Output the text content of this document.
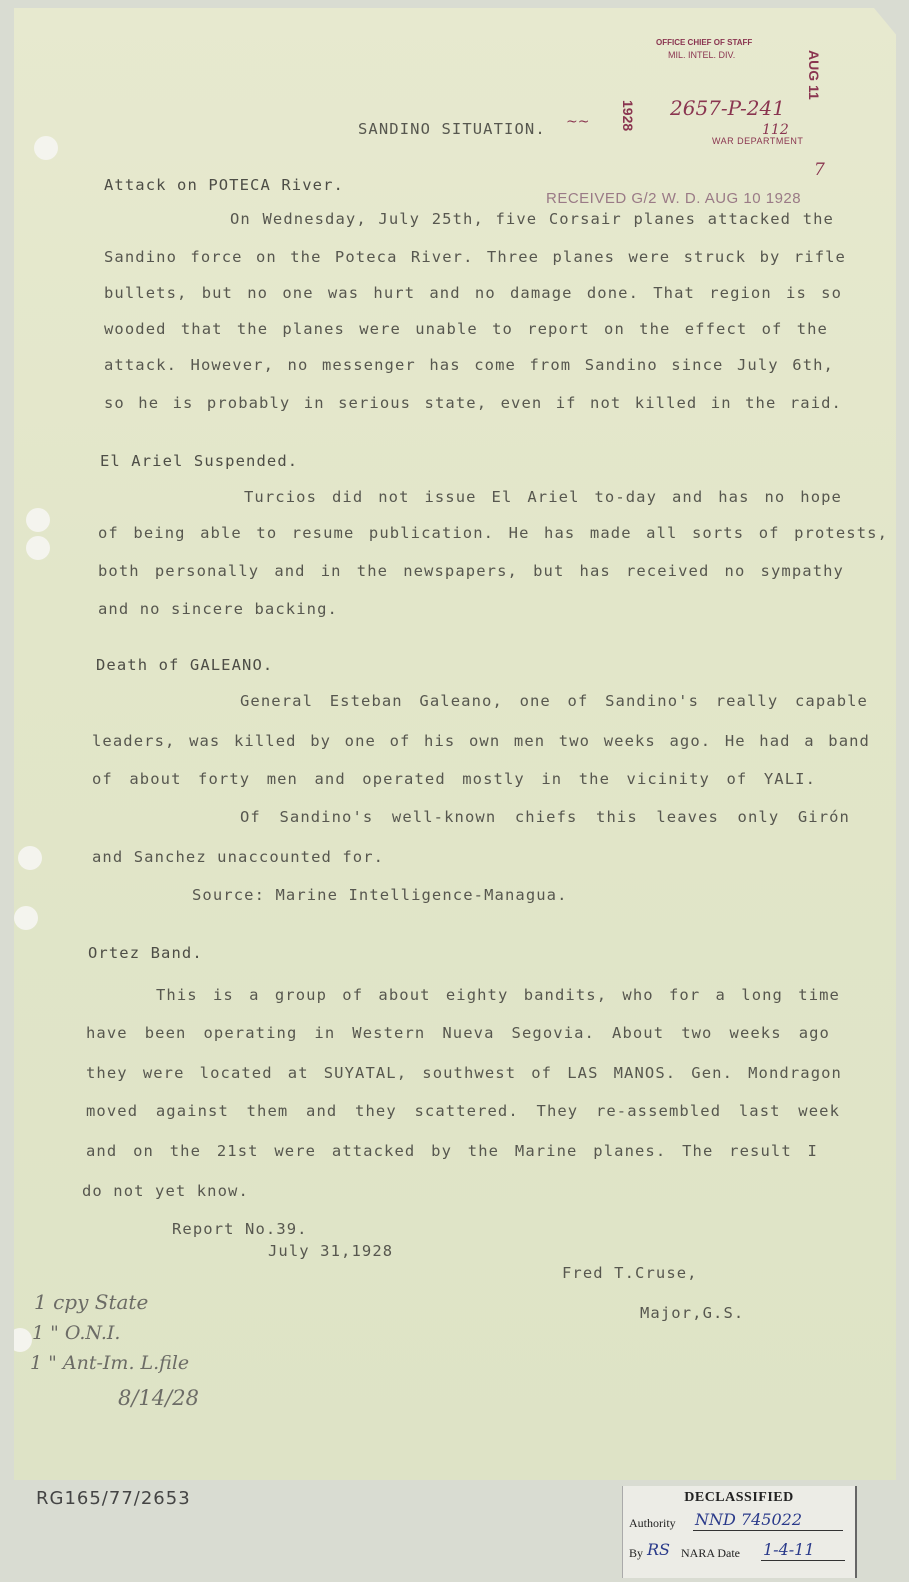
OFFICE CHIEF OF STAFF
MIL. INTEL. DIV.
1928 2657-P-241
112
WAR DEPARTMENT
AUG 11
7
RECEIVED G/2 W. D. AUG 10 1928
SANDINO SITUATION. ~~
Attack on POTECA River.
On Wednesday, July 25th, five Corsair planes attacked the
Sandino force on the Poteca River. Three planes were struck by rifle
bullets, but no one was hurt and no damage done. That region is so
wooded that the planes were unable to report on the effect of the
attack. However, no messenger has come from Sandino since July 6th,
so he is probably in serious state, even if not killed in the raid.
El Ariel Suspended.
Turcios did not issue El Ariel to-day and has no hope
of being able to resume publication. He has made all sorts of protests,
both personally and in the newspapers, but has received no sympathy
and no sincere backing.
Death of GALEANO.
General Esteban Galeano, one of Sandino's really capable
leaders, was killed by one of his own men two weeks ago. He had a band
of about forty men and operated mostly in the vicinity of YALI.
Of Sandino's well-known chiefs this leaves only Girón
and Sanchez unaccounted for.
Source: Marine Intelligence-Managua.
Ortez Band.
This is a group of about eighty bandits, who for a long time
have been operating in Western Nueva Segovia. About two weeks ago
they were located at SUYATAL, southwest of LAS MANOS. Gen. Mondragon
moved against them and they scattered. They re-assembled last week
and on the 21st were attacked by the Marine planes. The result I
do not yet know.
Report No.39.
July 31,1928
Fred T.Cruse,
Major,G.S.
1 cpy State
1 " O.N.I.
1 " Ant-Im. L.file
8/14/28
RG165/77/2653	DECLASSIFIED
Authority NND 745022
By RS NARA Date 1-4-11
